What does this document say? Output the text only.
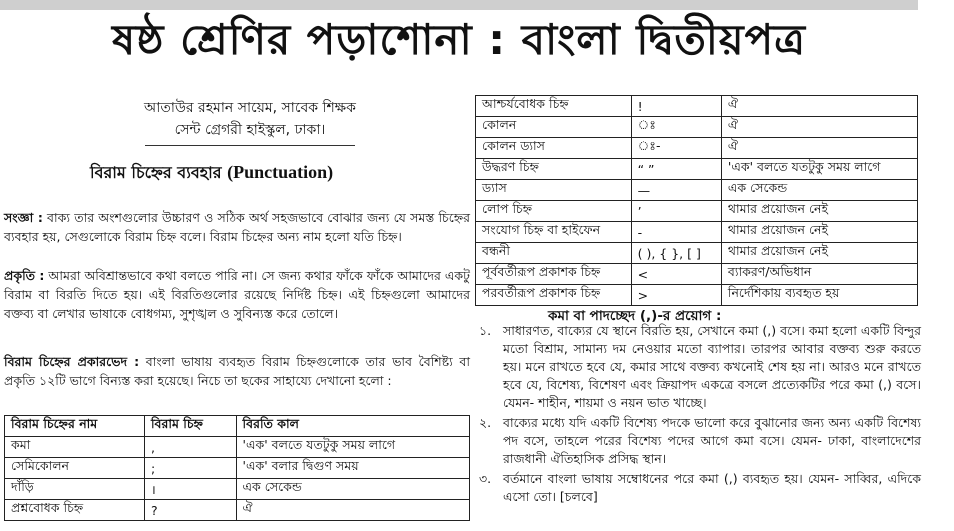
ষষ্ঠ শ্রেণির পড়াশোনা : বাংলা দ্বিতীয়পত্র
আতাউর রহমান সায়েম, সাবেক শিক্ষক
সেন্ট গ্রেগরী হাইস্কুল, ঢাকা।
বিরাম চিহ্নের ব্যবহার (Punctuation)
সংজ্ঞা : বাক্য তার অংশগুলোর উচ্চারণ ও সঠিক অর্থ সহজভাবে বোঝার জন্য যে সমস্ত চিহ্নের ব্যবহার হয়, সেগুলোকে বিরাম চিহ্ন বলে। বিরাম চিহ্নের অন্য নাম হলো যতি চিহ্ন।
প্রকৃতি : আমরা অবিশ্রান্তভাবে কথা বলতে পারি না। সে জন্য কথার ফাঁকে ফাঁকে আমাদের একটু বিরাম বা বিরতি দিতে হয়। এই বিরতিগুলোর রয়েছে নির্দিষ্ট চিহ্ন। এই চিহ্নগুলো আমাদের বক্তব্য বা লেখার ভাষাকে বোধগম্য, সুশৃঙ্খল ও সুবিন্যস্ত করে তোলে।
বিরাম চিহ্নের প্রকারভেদ : বাংলা ভাষায় ব্যবহৃত বিরাম চিহ্নগুলোকে তার ভাব বৈশিষ্ট্য বা প্রকৃতি ১২টি ভাগে বিন্যস্ত করা হয়েছে। নিচে তা ছকের সাহায্যে দেখানো হলো :
বিরাম চিহ্নের নাম	বিরাম চিহ্ন	বিরতি কাল
কমা	,	'এক' বলতে যতটুকু সময় লাগে
সেমিকোলন	;	'এক' বলার দ্বিগুণ সময়
দাঁড়ি	।	এক সেকেন্ড
প্রশ্নবোধক চিহ্ন	?	ঐ
আশ্চর্যবোধক চিহ্ন	!	ঐ
কোলন	ঃ	ঐ
কোলন ড্যাস	ঃ-	ঐ
উদ্ধরণ চিহ্ন	“ ”	'এক' বলতে যতটুকু সময় লাগে
ড্যাস	—	এক সেকেন্ড
লোপ চিহ্ন	’	থামার প্রয়োজন নেই
সংযোগ চিহ্ন বা হাইফেন	-	থামার প্রয়োজন নেই
বন্ধনী	( ), { }, [ ]	থামার প্রয়োজন নেই
পূর্ববর্তীরূপ প্রকাশক চিহ্ন	<	ব্যাকরণ/অভিধান
পরবর্তীরূপ প্রকাশক চিহ্ন	>	নির্দেশিকায় ব্যবহৃত হয়
কমা বা পাদচ্ছেদ (,)-র প্রয়োগ :
১. সাধারণত, বাক্যের যে স্থানে বিরতি হয়, সেখানে কমা (,) বসে। কমা হলো একটি বিন্দুর মতো বিশ্রাম, সামান্য দম নেওয়ার মতো ব্যাপার। তারপর আবার বক্তব্য শুরু করতে হয়। মনে রাখতে হবে যে, কমার সাথে বক্তব্য কখনোই শেষ হয় না। আরও মনে রাখতে হবে যে, বিশেষ্য, বিশেষণ এবং ক্রিয়াপদ একত্রে বসলে প্রত্যেকটির পরে কমা (,) বসে। যেমন- শাহীন, শায়মা ও নয়ন ভাত খাচ্ছে।
২. বাক্যের মধ্যে যদি একটি বিশেষ্য পদকে ভালো করে বুঝানোর জন্য অন্য একটি বিশেষ্য পদ বসে, তাহলে পরের বিশেষ্য পদের আগে কমা বসে। যেমন- ঢাকা, বাংলাদেশের রাজধানী ঐতিহাসিক প্রসিদ্ধ স্থান।
৩. বর্তমানে বাংলা ভাষায় সম্বোধনের পরে কমা (,) ব্যবহৃত হয়। যেমন- সাব্বির, এদিকে এসো তো। [চলবে]
